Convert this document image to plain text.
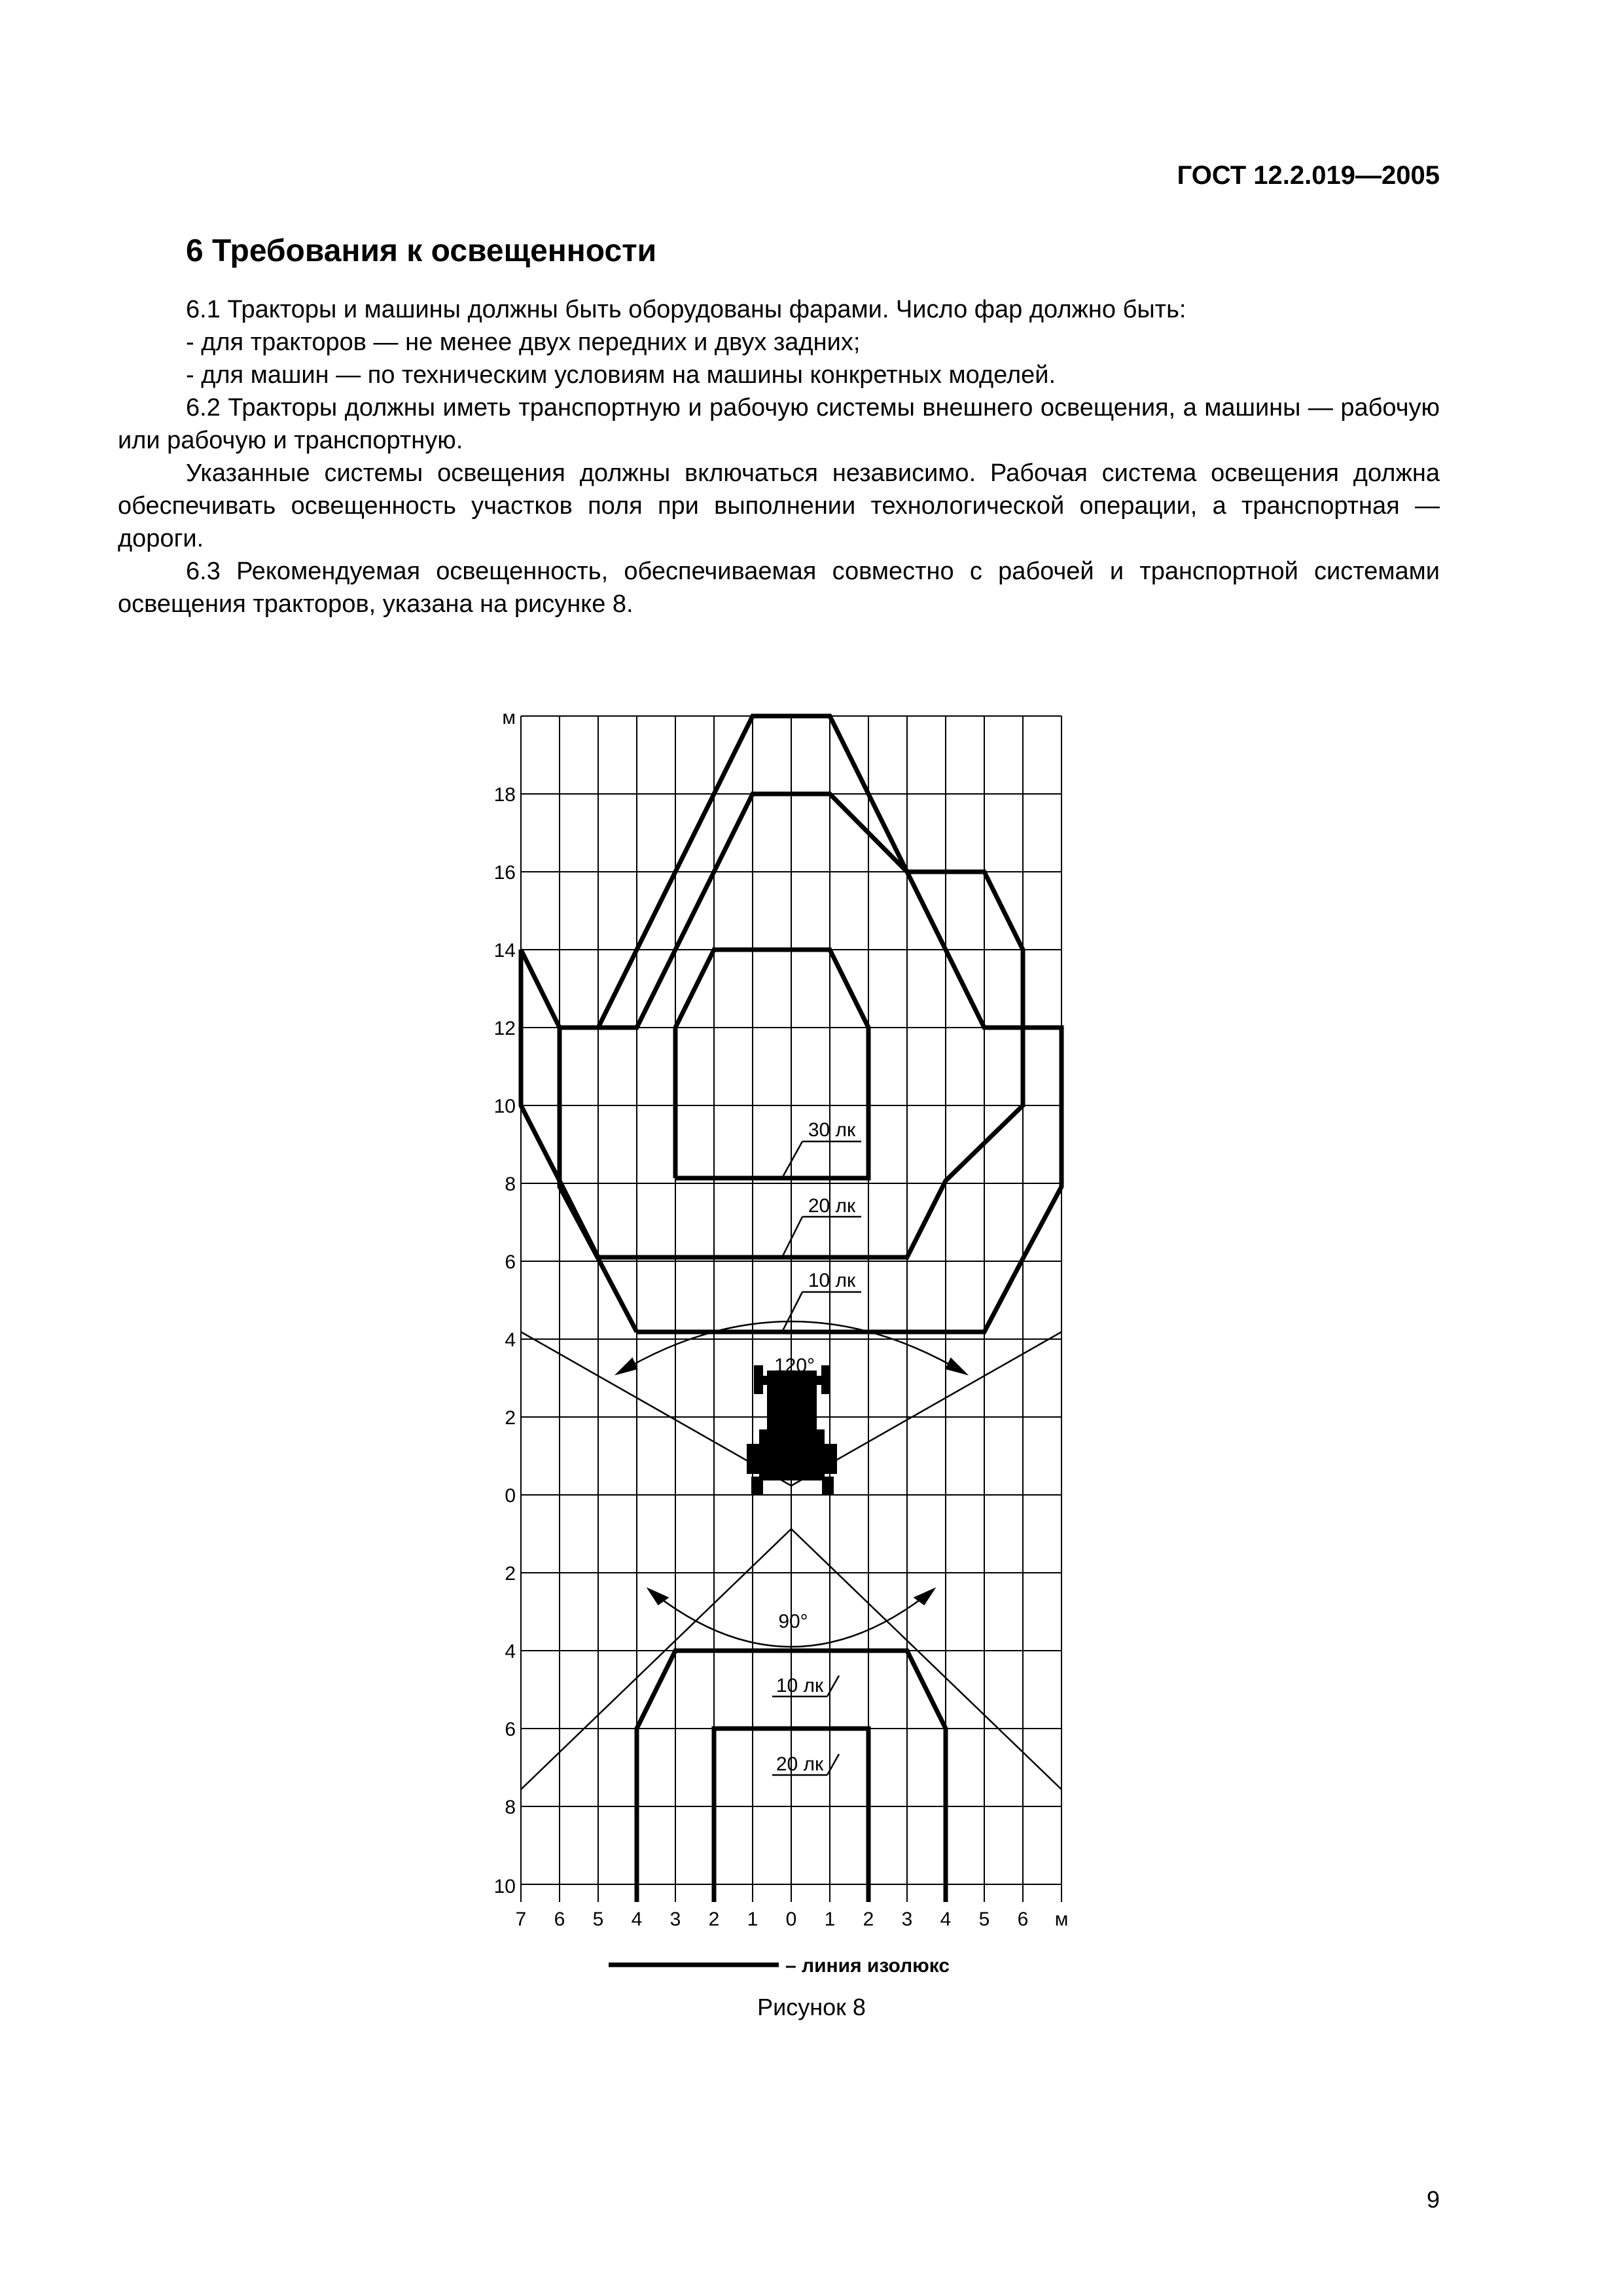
ГОСТ 12.2.019—2005
6 Требования к освещенности

6.1 Тракторы и машины должны быть оборудованы фарами. Число фар должно быть:

- для тракторов — не менее двух передних и двух задних;

- для машин — по техническим условиям на машины конкретных моделей.

6.2 Тракторы должны иметь транспортную и рабочую системы внешнего освещения, а машины — рабочую или рабочую и транспортную.

Указанные системы освещения должны включаться независимо. Рабочая система освещения должна обеспечивать освещенность участков поля при выполнении технологической операции, а транспортная — дороги.

6.3 Рекомендуемая освещенность, обеспечиваемая совместно с рабочей и транспортной системами освещения тракторов, указана на рисунке 8.

30 лк
20 лк
10 лк
10 лк
20 лк
120°
90°
м
18
16
14
12
10
8
6
4
2
0
2
4
6
8
10
7 6 5 4 3 2 1 0 1 2 3 4 5 6 м
– линия изолюкс
Рисунок 8
9
